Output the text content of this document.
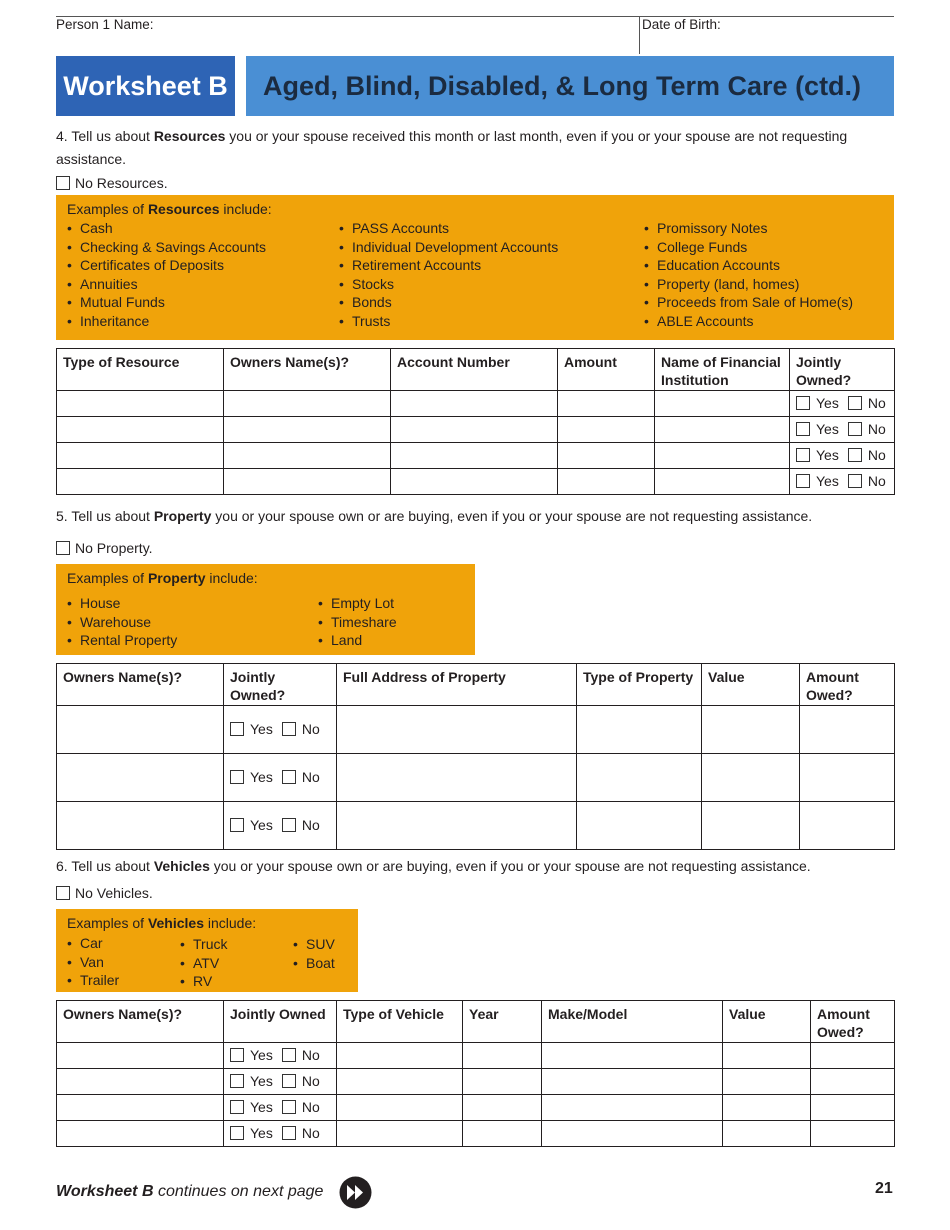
Person 1 Name:	Date of Birth:
Worksheet B Aged, Blind, Disabled, & Long Term Care (ctd.)
4. Tell us about Resources you or your spouse received this month or last month, even if you or your spouse are not requesting assistance.
No Resources.
Examples of Resources include:
• Cash
• Checking & Savings Accounts
• Certificates of Deposits
• Annuities
• Mutual Funds
• Inheritance
• PASS Accounts
• Individual Development Accounts
• Retirement Accounts
• Stocks
• Bonds
• Trusts
• Promissory Notes
• College Funds
• Education Accounts
• Property (land, homes)
• Proceeds from Sale of Home(s)
• ABLE Accounts
Type of Resource	Owners Name(s)?	Account Number	Amount	Name of Financial Institution	Jointly Owned?

					Yes No

					Yes No

					Yes No

					Yes No
5. Tell us about Property you or your spouse own or are buying, even if you or your spouse are not requesting assistance.
No Property.
Examples of Property include:
• House
• Warehouse
• Rental Property
• Empty Lot
• Timeshare
• Land
Owners Name(s)?	Jointly Owned?	Full Address of Property	Type of Property	Value	Amount Owed?

	Yes No				

	Yes No				

	Yes No				

6. Tell us about Vehicles you or your spouse own or are buying, even if you or your spouse are not requesting assistance.
No Vehicles.
Examples of Vehicles include:
• Car
• Van
• Trailer
• Truck
• ATV
• RV
• SUV
• Boat
Owners Name(s)?	Jointly Owned	Type of Vehicle	Year	Make/Model	Value	Amount Owed?

	Yes No					

	Yes No					

	Yes No					

	Yes No					

Worksheet B continues on next page	21
